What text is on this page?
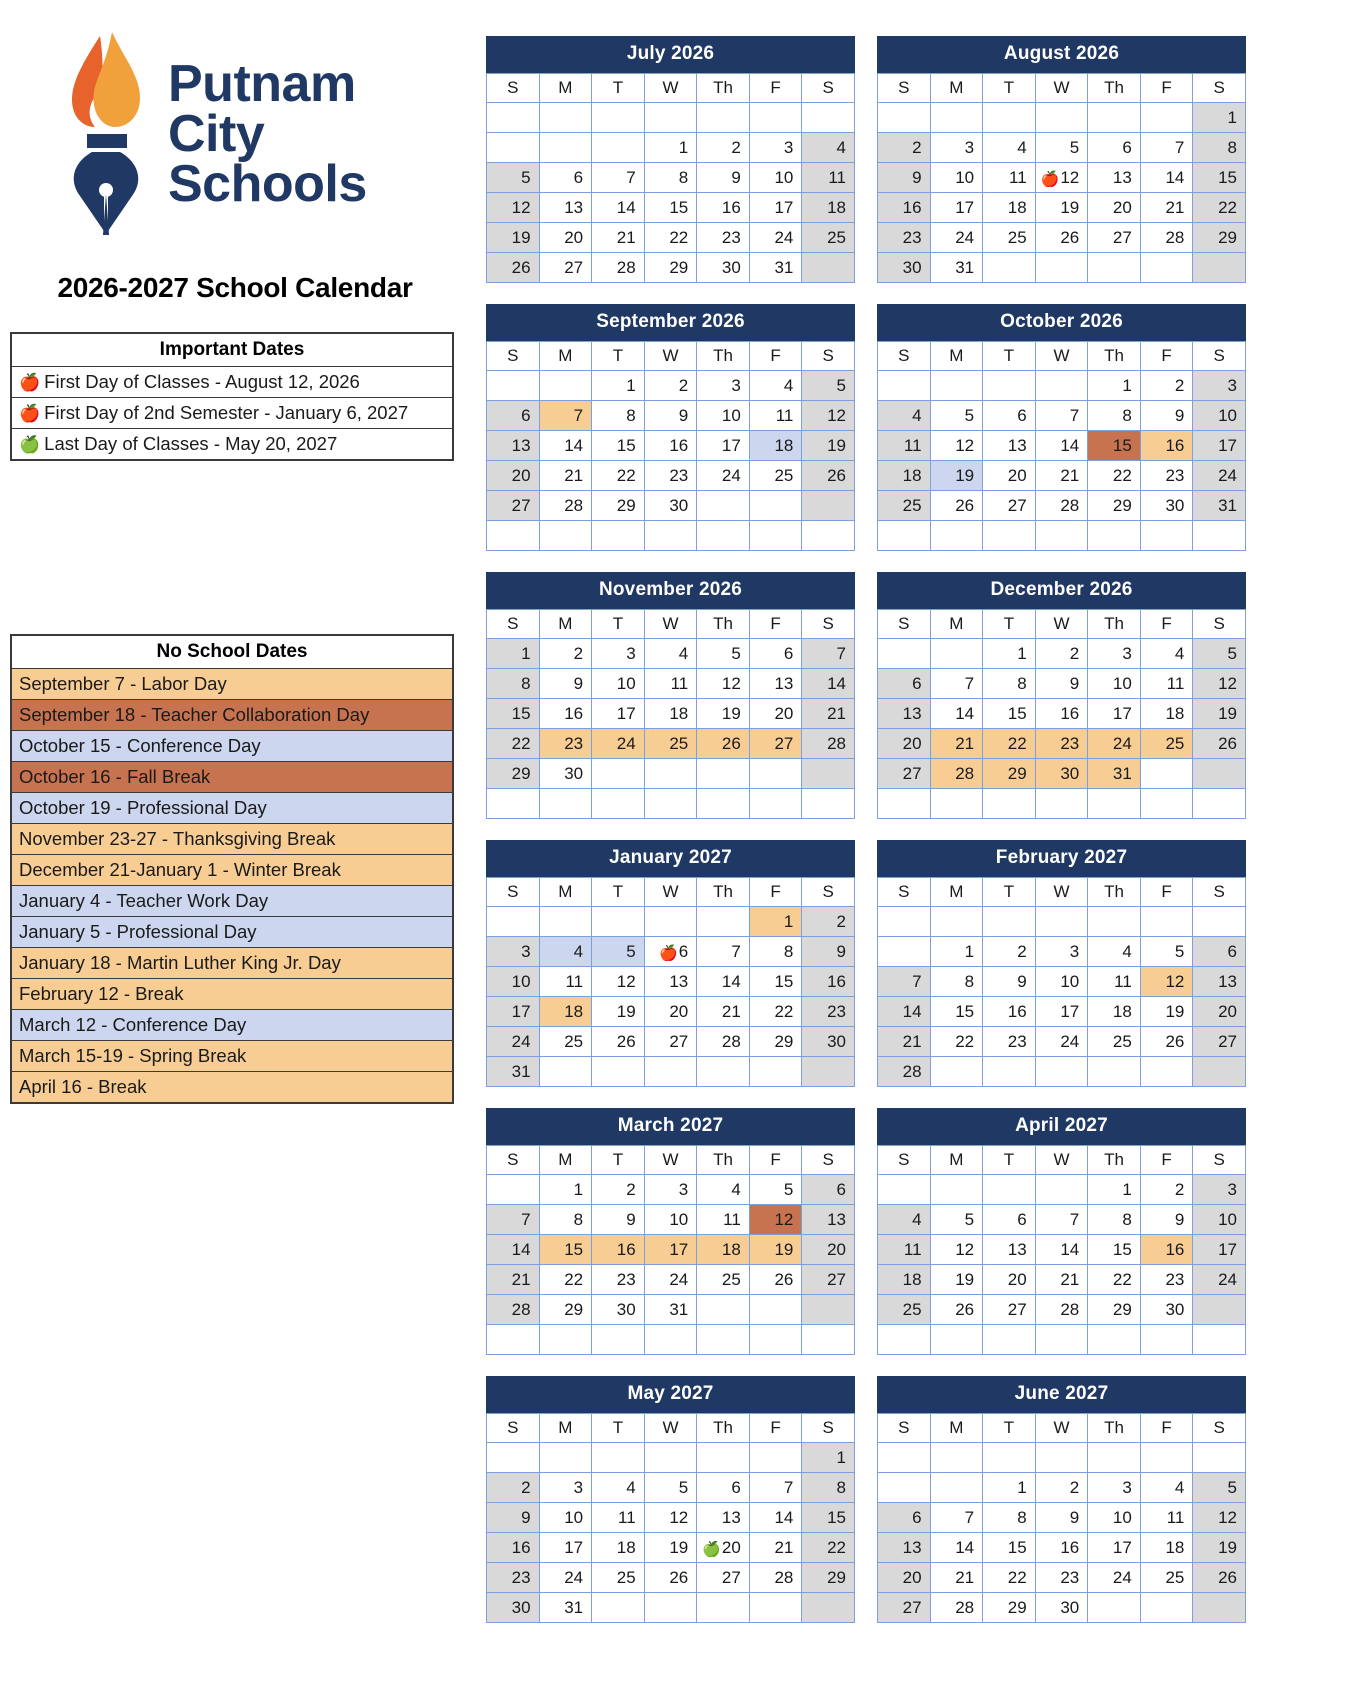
Putnam
City
Schools
2026-2027 School Calendar
Important Dates
🍎 First Day of Classes - August 12, 2026
🍎 First Day of 2nd Semester - January 6, 2027
🍏 Last Day of Classes - May 20, 2027
No School Dates
September 7 - Labor Day
September 18 - Teacher Collaboration Day
October 15 - Conference Day
October 16 - Fall Break
October 19 - Professional Day
November 23-27 - Thanksgiving Break
December 21-January 1 - Winter Break
January 4 - Teacher Work Day
January 5 - Professional Day
January 18 - Martin Luther King Jr. Day
February 12 - Break
March 12 - Conference Day
March 15-19 - Spring Break
April 16 - Break
July 2026
S	M	T	W	Th	F	S

			1	2	3	4
5	6	7	8	9	10	11
12	13	14	15	16	17	18
19	20	21	22	23	24	25
26	27	28	29	30	31	
August 2026
S	M	T	W	Th	F	S
						1
2	3	4	5	6	7	8
9	10	11	🍎12	13	14	15
16	17	18	19	20	21	22
23	24	25	26	27	28	29
30	31					
September 2026
S	M	T	W	Th	F	S
		1	2	3	4	5
6	7	8	9	10	11	12
13	14	15	16	17	18	19
20	21	22	23	24	25	26
27	28	29	30			

October 2026
S	M	T	W	Th	F	S
				1	2	3
4	5	6	7	8	9	10
11	12	13	14	15	16	17
18	19	20	21	22	23	24
25	26	27	28	29	30	31

November 2026
S	M	T	W	Th	F	S
1	2	3	4	5	6	7
8	9	10	11	12	13	14
15	16	17	18	19	20	21
22	23	24	25	26	27	28
29	30					

December 2026
S	M	T	W	Th	F	S
		1	2	3	4	5
6	7	8	9	10	11	12
13	14	15	16	17	18	19
20	21	22	23	24	25	26
27	28	29	30	31		

January 2027
S	M	T	W	Th	F	S
					1	2
3	4	5	🍎6	7	8	9
10	11	12	13	14	15	16
17	18	19	20	21	22	23
24	25	26	27	28	29	30
31						
February 2027
S	M	T	W	Th	F	S

	1	2	3	4	5	6
7	8	9	10	11	12	13
14	15	16	17	18	19	20
21	22	23	24	25	26	27
28						
March 2027
S	M	T	W	Th	F	S
	1	2	3	4	5	6
7	8	9	10	11	12	13
14	15	16	17	18	19	20
21	22	23	24	25	26	27
28	29	30	31			

April 2027
S	M	T	W	Th	F	S
				1	2	3
4	5	6	7	8	9	10
11	12	13	14	15	16	17
18	19	20	21	22	23	24
25	26	27	28	29	30	

May 2027
S	M	T	W	Th	F	S
						1
2	3	4	5	6	7	8
9	10	11	12	13	14	15
16	17	18	19	🍏20	21	22
23	24	25	26	27	28	29
30	31					
June 2027
S	M	T	W	Th	F	S

		1	2	3	4	5
6	7	8	9	10	11	12
13	14	15	16	17	18	19
20	21	22	23	24	25	26
27	28	29	30			
